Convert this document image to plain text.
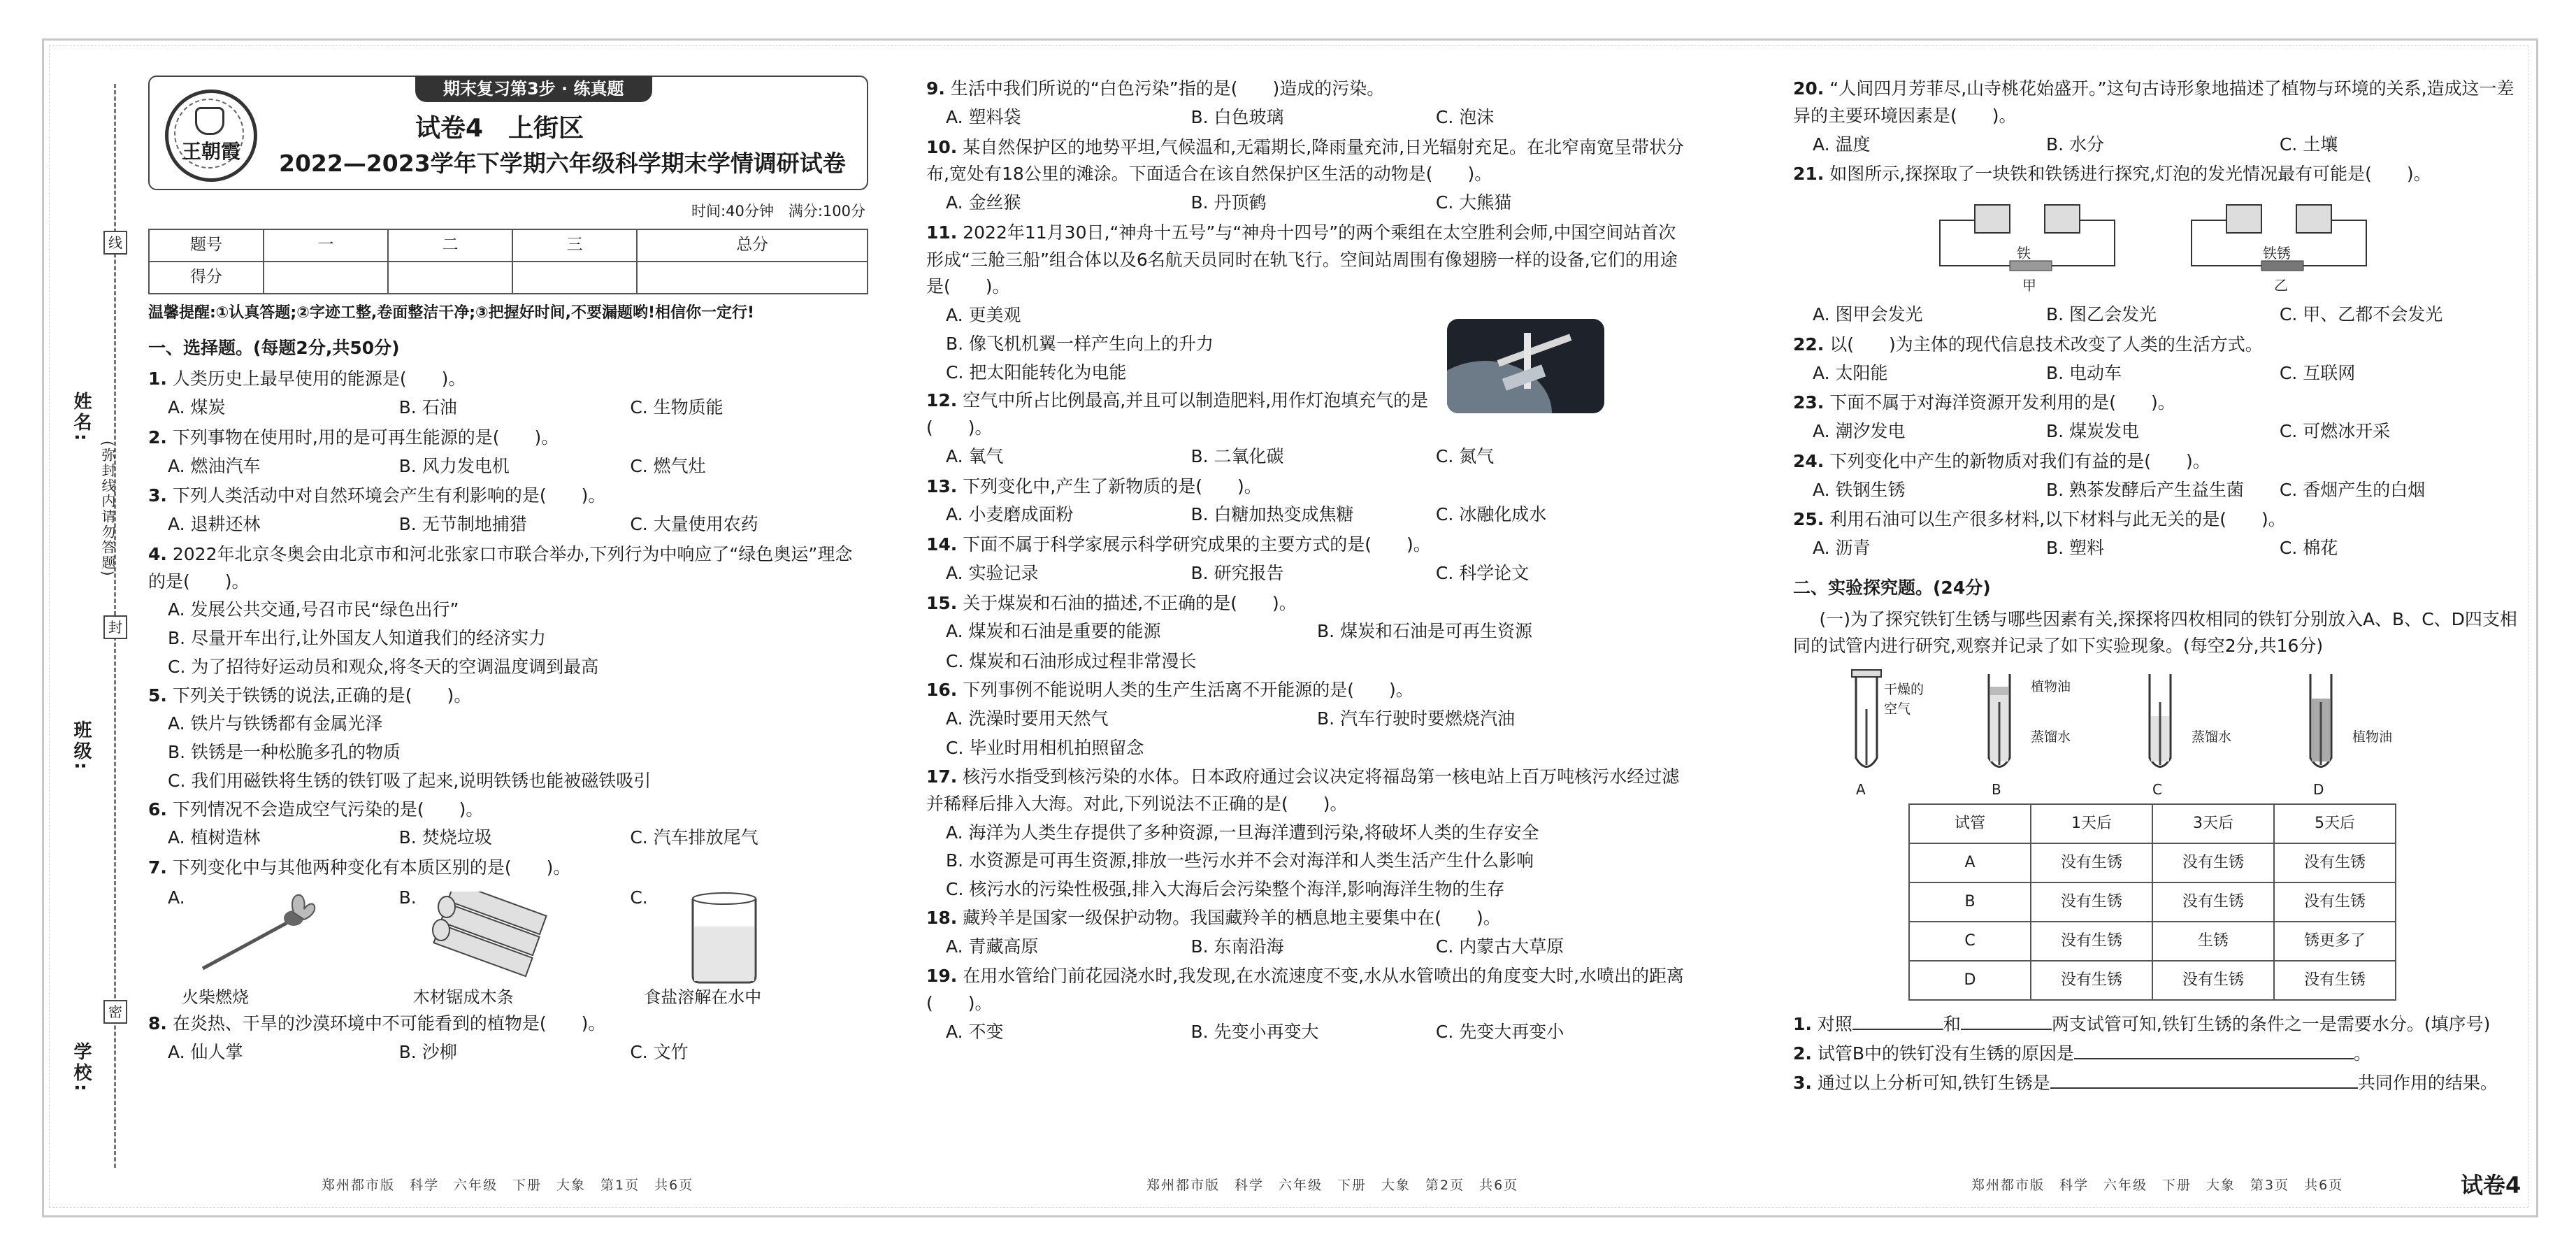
线
封
密
姓名:
班级:
学校:
(弥封线内请勿答题)
期末复习第3步 · 练真题
王朝霞
试卷4　上街区
2022—2023学年下学期六年级科学期末学情调研试卷
时间:40分钟　满分:100分
题号	一	二	三	总分
得分				
温馨提醒:①认真答题;②字迹工整,卷面整洁干净;③把握好时间,不要漏题哟!相信你一定行!
一、选择题。(每题2分,共50分)
1. 人类历史上最早使用的能源是(　　)。
A. 煤炭	B. 石油	C. 生物质能
2. 下列事物在使用时,用的是可再生能源的是(　　)。
A. 燃油汽车	B. 风力发电机	C. 燃气灶
3. 下列人类活动中对自然环境会产生有利影响的是(　　)。
A. 退耕还林	B. 无节制地捕猎	C. 大量使用农药
4. 2022年北京冬奥会由北京市和河北张家口市联合举办,下列行为中响应了“绿色奥运”理念的是(　　)。
A. 发展公共交通,号召市民“绿色出行”
B. 尽量开车出行,让外国友人知道我们的经济实力
C. 为了招待好运动员和观众,将冬天的空调温度调到最高
5. 下列关于铁锈的说法,正确的是(　　)。
A. 铁片与铁锈都有金属光泽
B. 铁锈是一种松脆多孔的物质
C. 我们用磁铁将生锈的铁钉吸了起来,说明铁锈也能被磁铁吸引
6. 下列情况不会造成空气污染的是(　　)。
A. 植树造林	B. 焚烧垃圾	C. 汽车排放尾气
7. 下列变化中与其他两种变化有本质区别的是(　　)。
A.
火柴燃烧
B.
木材锯成木条
C.
食盐溶解在水中
8. 在炎热、干旱的沙漠环境中不可能看到的植物是(　　)。
A. 仙人掌	B. 沙柳	C. 文竹
9. 生活中我们所说的“白色污染”指的是(　　)造成的污染。
A. 塑料袋	B. 白色玻璃	C. 泡沫
10. 某自然保护区的地势平坦,气候温和,无霜期长,降雨量充沛,日光辐射充足。在北窄南宽呈带状分布,宽处有18公里的滩涂。下面适合在该自然保护区生活的动物是(　　)。
A. 金丝猴	B. 丹顶鹤	C. 大熊猫
11. 2022年11月30日,“神舟十五号”与“神舟十四号”的两个乘组在太空胜利会师,中国空间站首次形成“三舱三船”组合体以及6名航天员同时在轨飞行。空间站周围有像翅膀一样的设备,它们的用途是(　　)。
A. 更美观
B. 像飞机机翼一样产生向上的升力
C. 把太阳能转化为电能
12. 空气中所占比例最高,并且可以制造肥料,用作灯泡填充气的是(　　)。
A. 氧气	B. 二氧化碳	C. 氮气
13. 下列变化中,产生了新物质的是(　　)。
A. 小麦磨成面粉	B. 白糖加热变成焦糖	C. 冰融化成水
14. 下面不属于科学家展示科学研究成果的主要方式的是(　　)。
A. 实验记录	B. 研究报告	C. 科学论文
15. 关于煤炭和石油的描述,不正确的是(　　)。
A. 煤炭和石油是重要的能源	B. 煤炭和石油是可再生资源
C. 煤炭和石油形成过程非常漫长
16. 下列事例不能说明人类的生产生活离不开能源的是(　　)。
A. 洗澡时要用天然气	B. 汽车行驶时要燃烧汽油
C. 毕业时用相机拍照留念
17. 核污水指受到核污染的水体。日本政府通过会议决定将福岛第一核电站上百万吨核污水经过滤并稀释后排入大海。对此,下列说法不正确的是(　　)。
A. 海洋为人类生存提供了多种资源,一旦海洋遭到污染,将破坏人类的生存安全
B. 水资源是可再生资源,排放一些污水并不会对海洋和人类生活产生什么影响
C. 核污水的污染性极强,排入大海后会污染整个海洋,影响海洋生物的生存
18. 藏羚羊是国家一级保护动物。我国藏羚羊的栖息地主要集中在(　　)。
A. 青藏高原	B. 东南沿海	C. 内蒙古大草原
19. 在用水管给门前花园浇水时,我发现,在水流速度不变,水从水管喷出的角度变大时,水喷出的距离(　　)。
A. 不变	B. 先变小再变大	C. 先变大再变小
20. “人间四月芳菲尽,山寺桃花始盛开。”这句古诗形象地描述了植物与环境的关系,造成这一差异的主要环境因素是(　　)。
A. 温度	B. 水分	C. 土壤
21. 如图所示,探探取了一块铁和铁锈进行探究,灯泡的发光情况最有可能是(　　)。
铁
甲
铁锈
乙
A. 图甲会发光	B. 图乙会发光	C. 甲、乙都不会发光
22. 以(　　)为主体的现代信息技术改变了人类的生活方式。
A. 太阳能	B. 电动车	C. 互联网
23. 下面不属于对海洋资源开发利用的是(　　)。
A. 潮汐发电	B. 煤炭发电	C. 可燃冰开采
24. 下列变化中产生的新物质对我们有益的是(　　)。
A. 铁钢生锈	B. 熟茶发酵后产生益生菌	C. 香烟产生的白烟
25. 利用石油可以生产很多材料,以下材料与此无关的是(　　)。
A. 沥青	B. 塑料	C. 棉花
二、实验探究题。(24分)
(一)为了探究铁钉生锈与哪些因素有关,探探将四枚相同的铁钉分别放入A、B、C、D四支相同的试管内进行研究,观察并记录了如下实验现象。(每空2分,共16分)
干燥的
空气
A
植物油
蒸馏水
B
蒸馏水
C
植物油
D
试管	1天后	3天后	5天后
A	没有生锈	没有生锈	没有生锈
B	没有生锈	没有生锈	没有生锈
C	没有生锈	生锈	锈更多了
D	没有生锈	没有生锈	没有生锈
1. 对照	和	两支试管可知,铁钉生锈的条件之一是需要水分。(填序号)
2. 试管B中的铁钉没有生锈的原因是	。
3. 通过以上分析可知,铁钉生锈是	共同作用的结果。
郑州都市版　科学　六年级　下册　大象　第1页　共6页	郑州都市版　科学　六年级　下册　大象　第2页　共6页	郑州都市版　科学　六年级　下册　大象　第3页　共6页	试卷4
